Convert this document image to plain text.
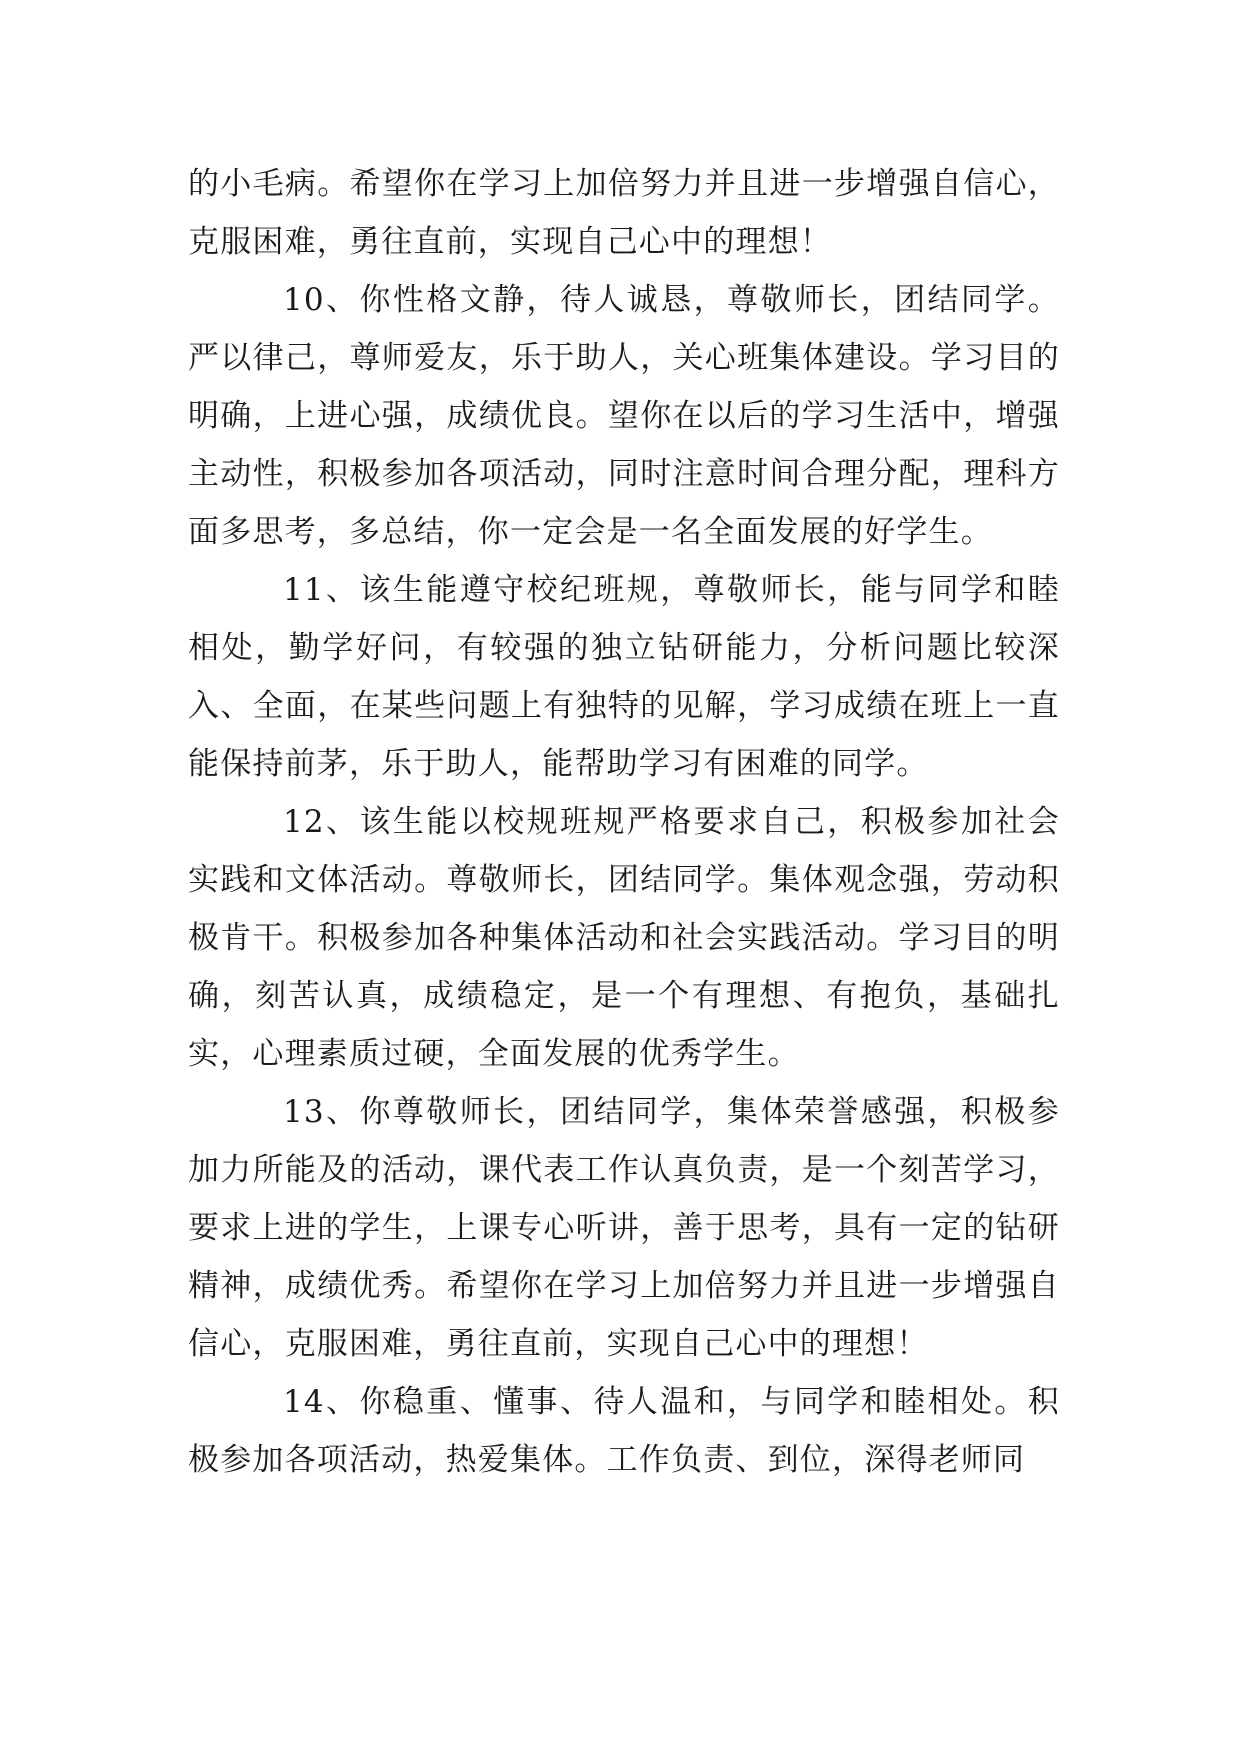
的小毛病。希望你在学习上加倍努力并且进一步增强自信心，克服困难，勇往直前，实现自己心中的理想！

10、你性格文静，待人诚恳，尊敬师长，团结同学。严以律己，尊师爱友，乐于助人，关心班集体建设。学习目的明确，上进心强，成绩优良。望你在以后的学习生活中，增强主动性，积极参加各项活动，同时注意时间合理分配，理科方面多思考，多总结，你一定会是一名全面发展的好学生。

11、该生能遵守校纪班规，尊敬师长，能与同学和睦相处，勤学好问，有较强的独立钻研能力，分析问题比较深入、全面，在某些问题上有独特的见解，学习成绩在班上一直能保持前茅，乐于助人，能帮助学习有困难的同学。

12、该生能以校规班规严格要求自己，积极参加社会实践和文体活动。尊敬师长，团结同学。集体观念强，劳动积极肯干。积极参加各种集体活动和社会实践活动。学习目的明确，刻苦认真，成绩稳定，是一个有理想、有抱负，基础扎实，心理素质过硬，全面发展的优秀学生。

13、你尊敬师长，团结同学，集体荣誉感强，积极参加力所能及的活动，课代表工作认真负责，是一个刻苦学习，要求上进的学生，上课专心听讲，善于思考，具有一定的钻研精神，成绩优秀。希望你在学习上加倍努力并且进一步增强自信心，克服困难，勇往直前，实现自己心中的理想！

14、你稳重、懂事、待人温和，与同学和睦相处。积极参加各项活动，热爱集体。工作负责、到位，深得老师同
